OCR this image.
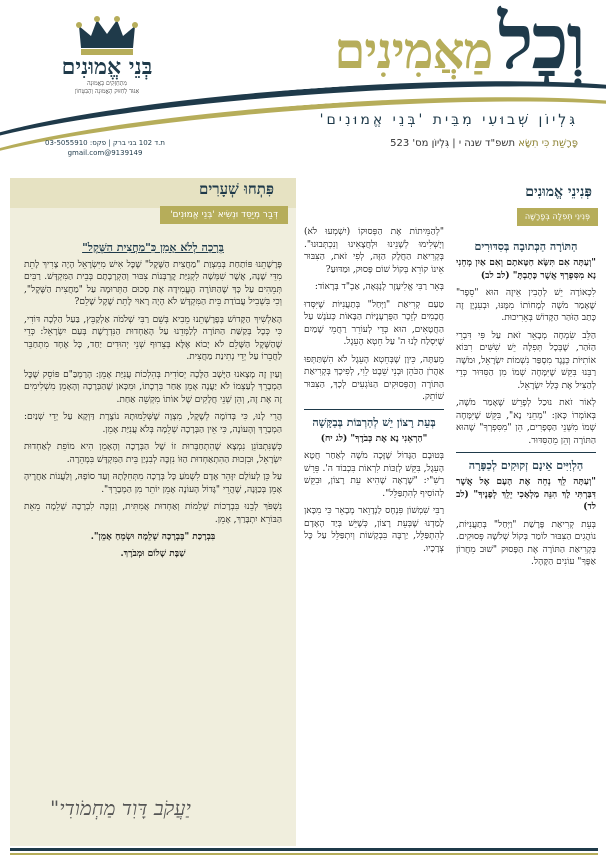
בְּנֵי אֱמוּנִים
מִתְחַזְּקִים בָּאֱמוּנָה
אִגּוּד לְחִזּוּק הָאֱמוּנָה וְהַבִּטָּחוֹן
ת.ד 102 בני ברק | פקס: 03-5055910
9139149@gmail.com
וְכׇל מַאֲמִינִים
גִּלְיוֹן שְׁבוּעִי מִבֵּית 'בְּנֵי אֱמוּנִים'
פָּרָשַׁת כִּי תִשָּׂא תשפ"ד שנה י | גִּלְיוֹן מס' 523
פִּתְחוּ שְׁעָרִים
דְּבַר מְיַסֵּד וּנְשִׂיא 'בְּנֵי אֱמוּנִים'
בְּרָכָה לְלֹא אָמֵן כִּ"מַחֲצִית הַשֶּׁקֶל"

פָּרָשָׁתֵנוּ פּוֹתַחַת בְּמִצְוַת "מַחֲצִית הַשֶּׁקֶל" שֶׁכׇּל אִישׁ מִיִּשְׂרָאֵל הָיָה צָרִיךְ לָתֵת מִדֵּי שָׁנָה, אֲשֶׁר שִׁמְּשָׁה לִקְנִיַּת קׇרְבְּנוֹת צִבּוּר וְהַקְרָבָתָם בְּבֵית הַמִּקְדָּשׁ. רַבִּים תְּמֵהִים עַל כָּךְ שֶׁהַתּוֹרָה הֶעֱמִידָה אֶת סְכוּם הַתְּרוּמָה עַל "מַחֲצִית הַשֶּׁקֶל", וְכִי בִּשְׁבִיל עֲבוֹדַת בֵּית הַמִּקְדָּשׁ לֹא הָיָה רָאוּי לָתֵת שֶׁקֶל שָׁלֵם?

הָאַלְשִׁיךְ הַקָּדוֹשׁ בְּפָרָשָׁתֵנוּ מֵבִיא בְּשֵׁם רַבִּי שְׁלֹמֹה אַלְקַבֵּץ, בַּעַל הַלְכָה דּוֹדִי, כִּי כְּכָל בְּקַשַּׁת הַתּוֹרָה לְלַמְּדֵנוּ עַל הָאַחְדוּת הַנִּדְרֶשֶׁת בְּעַם יִשְׂרָאֵל: כְּדֵי שֶׁהַשֶּׁקֶל הַשָּׁלֵם לֹא יָבוֹא אֶלָּא בְּצֵרוּף שְׁנֵי יְהוּדִים יַחַד, כָּל אֶחָד מִתְחַבֵּר לַחֲבֵרוֹ עַל יְדֵי נְתִינַת מַחֲצִית.

וְעַיִן זֶה מָצָאנוּ הַיָּשָׁב הַלָּכָה יְסוֹדִית בְּהִלְכוֹת עֲנִיַּת אָמֵן: הָרַמְבַּ"ם פּוֹסֵק שֶׁכׇּל הַמְבָרֵךְ לְעַצְמוֹ לֹא יַעֲנֶה אָמֵן אַחַר בִּרְכָתוֹ, וּמִכָּאן שֶׁהַבְּרָכָה וְהָאָמֵן מִשְׁלִימִים זֶה אֶת זֶה, וְהֵן שְׁנֵי חֲלָקִים שֶׁל אוֹתוֹ מִקְשֵׁה אַחַת.

הֲרֵי לָנוּ, כִּי בְּדוֹמֶה לְשֶׁקֶל, מִצְוָה שֶׁשְּׁלֵמוּתָהּ נוֹצֶרֶת דַּוְקָא עַל יְדֵי שְׁנַיִם: הַמְבָרֵךְ וְהָעוֹנֶה, כִּי אֵין הַבְּרָכָה שְׁלֵמָה בְּלֹא עֲנִיַּת אָמֵן.

כְּשֶׁנִּתְבּוֹנֵן נִמְצָא שֶׁהִתְחַבְּרוּת זוֹ שֶׁל הַבְּרָכָה וְהָאָמֵן הִיא מוֹפֵת לְאַחְדוּת יִשְׂרָאֵל, וּבִזְכוּת הַהִתְאַחְדוּת הַזּוֹ נִזְכֶּה לְבִנְיַן בֵּית הַמִּקְדָּשׁ בִּמְהֵרָה.

עַל כֵּן לְעוֹלָם יִזָּהֵר אָדָם לִשְׁמֹעַ כָּל בְּרָכָה מִתְּחִלָּתָהּ וְעַד סוֹפָהּ, וְלַעֲנוֹת אַחֲרֶיהָ אָמֵן בְּכַוָּנָה, שֶׁהֲרֵי "גָּדוֹל הָעוֹנֶה אָמֵן יוֹתֵר מִן הַמְבָרֵךְ".

נִשְׁפֹּךְ לְבֵנוּ בִּבְרָכוֹת שְׁלֵמוֹת וְאַחְדוּת אֲמִתִּית, וְנִזְכֶּה לִבְרָכָה שְׁלֵמָה מֵאֵת הַבּוֹרֵא יִתְבָּרַךְ, אָמֵן.

בִּבְרָכַת "בְּבְרָכָה שְׁלֵמָה וּשְׂמֵחַ אָמֵן".
שַׁבָּת שָׁלוֹם וּמְבֹרָךְ.
יַעֲקֹב דָּוִד מַחְמֹודִי"

"לְהַמֵּיתוֹת אֶת הַפְּסוּקוֹ (יִשְׁמְעוּ לֹא) וְיָשְׁלִימוּ לְשָׁנֵינוּ וּלְחֲצָאִינוּ וְנִכְתְּבוּנוּ". בְּקְרִיאַת הַחֲלָק הַזֶּה, לְפִי זֹאת, הַצִּבּוּר אֵינוֹ קוֹרֵא בְּקוֹל שׁוֹם פָּסוּק, וּמַדּוּעַ?

בְּאֵר רַבִּי אֱלִיעֶזֶר לֶנְגְּאָה, אַבְ"ד בְּרָאוֹד:

טַעַם קְרִיאַת "וַיְּחַל" בְּתַעֲנִיּוֹת שֶׁיִּסְּדוּ חֲכָמִים לְזֵכֶר הַפֻּרְעָנֻיּוֹת הַבָּאוֹת כְּעֹנֶשׁ עַל הַחֲטָאִים, הוּא כְּדֵי לְעוֹרֵר רַחֲמֵי שָׁמַיִם שֶׁיִּסְלַח לָנוּ ה' עַל חֵטְא הָעֵגֶל.

מֵעַתָּה, כֵּיוָן שֶׁבְּחֵטְא הָעֵגֶל לֹא הִשְׁתַּתְּפוּ אַהֲרֹן הַכֹּהֵן וּבְנֵי שֵׁבֶט לֵוִי, לְפִיכָךְ בְּקְרִיאַת הַתּוֹרָה וְהַפְּסוּקִים הַנּוֹגְעִים לְכָךְ, הַצִּבּוּר שׁוֹתֵק.

בְּעֵת רָצוֹן יֵשׁ לְהַרְבּוֹת בְּבַקָּשָׁה

"הַרְאֵנִי נָא אֶת כְּבֹדֶךָ" (לג יח)

בְּטוּבָם הַגָּדוֹל שֶׁזָּכָה מֹשֶׁה לְאַחַר חֲטָא הָעֵגֶל, בִּקֵּשׁ לְזַכּוֹת לִרְאוֹת בִּכְבוֹד ה'. פֵּרֵשׁ רַשִׁ"י: "שֶׁרָאָה שֶׁהִיא עֵת רָצוֹן, וּבִקֵּשׁ לְהוֹסִיף לְהִתְפַּלֵּל".

רַבִּי שִׁמְשׁוֹן פִּנְחָס לַנְדָוֵאר מְבָאֵר כִּי מִכָּאן לָמַדְנוּ שֶׁבְּעֵת רָצוֹן, כְּשֶׁיֵּשׁ בְּיַד הָאָדָם לְהִתְפַּלֵּל, יַרְבֶּה בִּבְקָשׁוֹת וְיִתְפַּלֵּל עַל כָּל צְרָכָיו.

פְּנִינֵי אֱמוּנִים
פְּנִינֵי תְּפִלָּה בְּפָרָשָׁה
הַתּוֹרָה הַכְּתוּבָה בְּסִדּוּרִים

"וְעַתָּה אִם תִּשָּׂא חַטָּאתָם וְאִם אַיִן מְחֵנִי נָא מִסִּפְרְךָ אֲשֶׁר כָּתָבְתָּ" (לב לב)

לִכְאוֹרָה יֵשׁ לְהָבִין אֵיזֶה הוּא "סֵפֶר" שֶׁאָמַר מֹשֶׁה לְמָחוֹתוֹ מִמֶּנּוּ, וּבְעִנְיָן זֶה כָּתַב הַזֹּהַר הַקָּדוֹשׁ בְּאֵרִיכוּת.

הַלֵּב שִׂמְחָה מְבָאֵר זֹאת עַל פִּי דִּבְרֵי הַזֹּהַר, שֶׁבְּכָל תְּפִלָּה יֵשׁ שִׁשִּׁים רִבּוֹא אוֹתִיּוֹת כְּנֶגֶד מִסְפַּר נִשְׁמוֹת יִשְׂרָאֵל, וּמֹשֶׁה רַבֵּנוּ בִּקֵּשׁ שֶׁיִּמָּחֶה שְׁמוֹ מִן הַסִּדּוּר כְּדֵי לְהַצִּיל אֶת כְּלַל יִשְׂרָאֵל.

לְאוֹר זֹאת נוּכַל לְפָרֵשׁ שֶׁאָמַר מֹשֶׁה, בְּאוֹמְרוֹ כָּאן: "מְחֵנִי נָא", בִּקֵּשׁ שֶׁיִּמָּחֶה שְׁמוֹ מִשְּׁנֵי הַסְּפָרִים, הֵן "מִסִּפְרְךָ" שֶׁהוּא הַתּוֹרָה וְהֵן מֵהַסִּדּוּר.

הַלְוִיִּים אֵינָם זְקוּקִים לְכַפָּרָה

"וְעַתָּה לֵךְ נְחֵה אֶת הָעָם אֶל אֲשֶׁר דִּבַּרְתִּי לָךְ הִנֵּה מַלְאָכִי יֵלֵךְ לְפָנֶיךָ" (לב לד)

בְּעֵת קְרִיאַת פָּרָשַׁת "וַיְּחַל" בְּתַעֲנִיּוֹת, נוֹהֲגִים הַצִּבּוּר לוֹמַר בְּקוֹל שְׁלֹשָׁה פְּסוּקִים. בְּקְרִיאַת הַתּוֹרָה אֶת הַפָּסוּק "שׁוּב מֵחֲרוֹן אַפֶּךָ" עוֹנִים הַקָּהָל.
